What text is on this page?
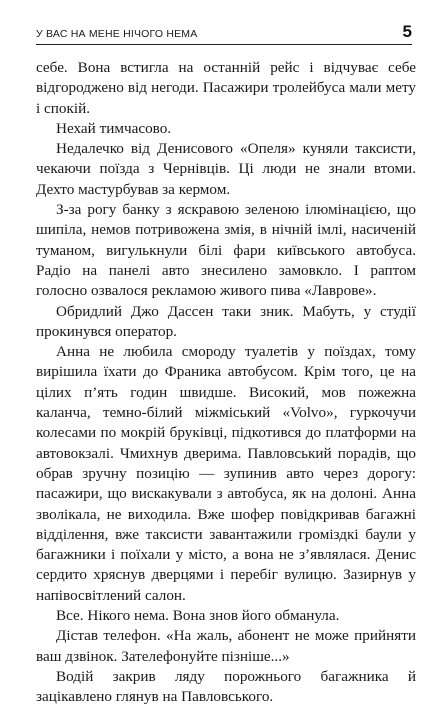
У ВАС НА МЕНЕ НІЧОГО НЕМА	5

себе. Вона встигла на останній рейс і відчуває себе відгороджено від негоди. Пасажири тролейбуса мали мету і спокій.

Нехай тимчасово.

Недалечко від Денисового «Опеля» куняли таксисти, чекаючи поїзда з Чернівців. Ці люди не знали втоми. Дехто мастурбував за кермом.

З-за рогу банку з яскравою зеленою ілюмінацією, що шипіла, немов потривожена змія, в нічній імлі, насиченій туманом, вигулькнули білі фари київського автобуса. Радіо на панелі авто знесилено замовкло. І раптом голосно озвалося рекламою живого пива «Лаврове».

Обридлий Джо Дассен таки зник. Мабуть, у студії прокинувся оператор.

Анна не любила смороду туалетів у поїздах, тому вирішила їхати до Франика автобусом. Крім того, це на цілих п’ять годин швидше. Високий, мов пожежна каланча, темно-білий міжміський «Volvo», гуркочучи колесами по мокрій бруківці, підкотився до платформи на автовокзалі. Чмихнув дверима. Павловський порадів, що обрав зручну позицію — зупинив авто через дорогу: пасажири, що вискакували з автобуса, як на долоні. Анна зволікала, не виходила. Вже шофер повідкривав багажні відділення, вже таксисти завантажили громіздкі баули у багажники і поїхали у місто, а вона не з’являлася. Денис сердито хряснув дверцями і перебіг вулицю. Зазирнув у напівосвітлений салон.

Все. Нікого нема. Вона знов його обманула.

Дістав телефон. «На жаль, абонент не може прийняти ваш дзвінок. Зателефонуйте пізніше...»

Водій закрив ляду порожнього багажника й зацікавлено глянув на Павловського.
